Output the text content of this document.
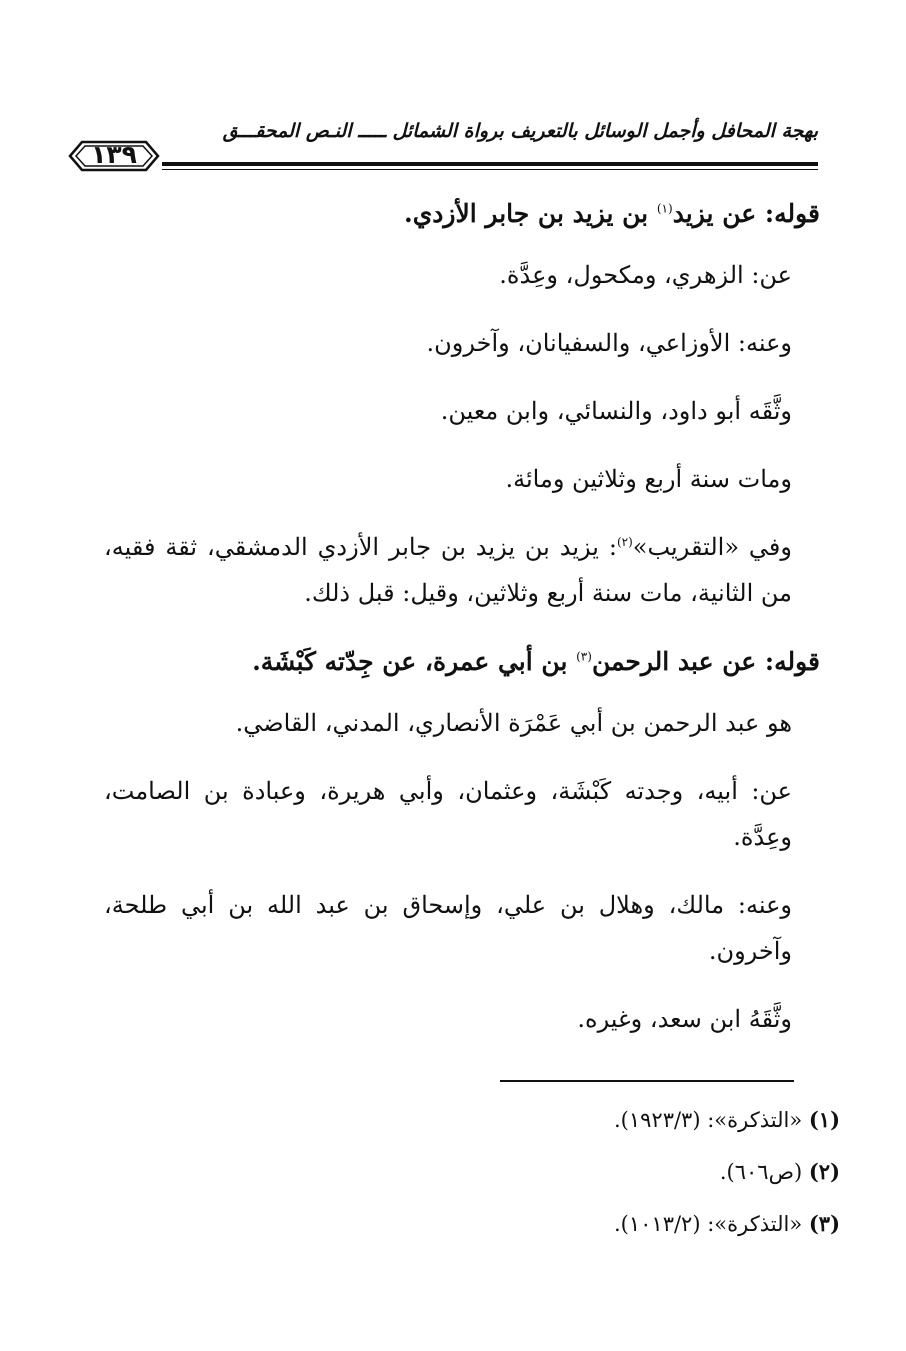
بهجة المحافل وأجمل الوسائل بالتعريف برواة الشمائل ـــــ النـص المحقـــق
١٣٩

قوله: عن يزيد$^{(١)}$ بن يزيد بن جابر الأزدي.

عن: الزهري، ومكحول، وعِدَّة.

وعنه: الأوزاعي، والسفيانان، وآخرون.

وثَّقَه أبو داود، والنسائي، وابن معين.

ومات سنة أربع وثلاثين ومائة.

وفي «التقريب»$^{(٢)}$: يزيد بن يزيد بن جابر الأزدي الدمشقي، ثقة فقيه، من الثانية، مات سنة أربع وثلاثين، وقيل: قبل ذلك.

قوله: عن عبد الرحمن$^{(٣)}$ بن أبي عمرة، عن جِدّته كَبْشَة.

هو عبد الرحمن بن أبي عَمْرَة الأنصاري، المدني، القاضي.

عن: أبيه، وجدته كَبْشَة، وعثمان، وأبي هريرة، وعبادة بن الصامت، وعِدَّة.

وعنه: مالك، وهلال بن علي، وإسحاق بن عبد الله بن أبي طلحة، وآخرون.

وثَّقَهُ ابن سعد، وغيره.

(١) «التذكرة»: (١٩٢٣/٣).

(٢) (ص٦٠٦).

(٣) «التذكرة»: (١٠١٣/٢).
